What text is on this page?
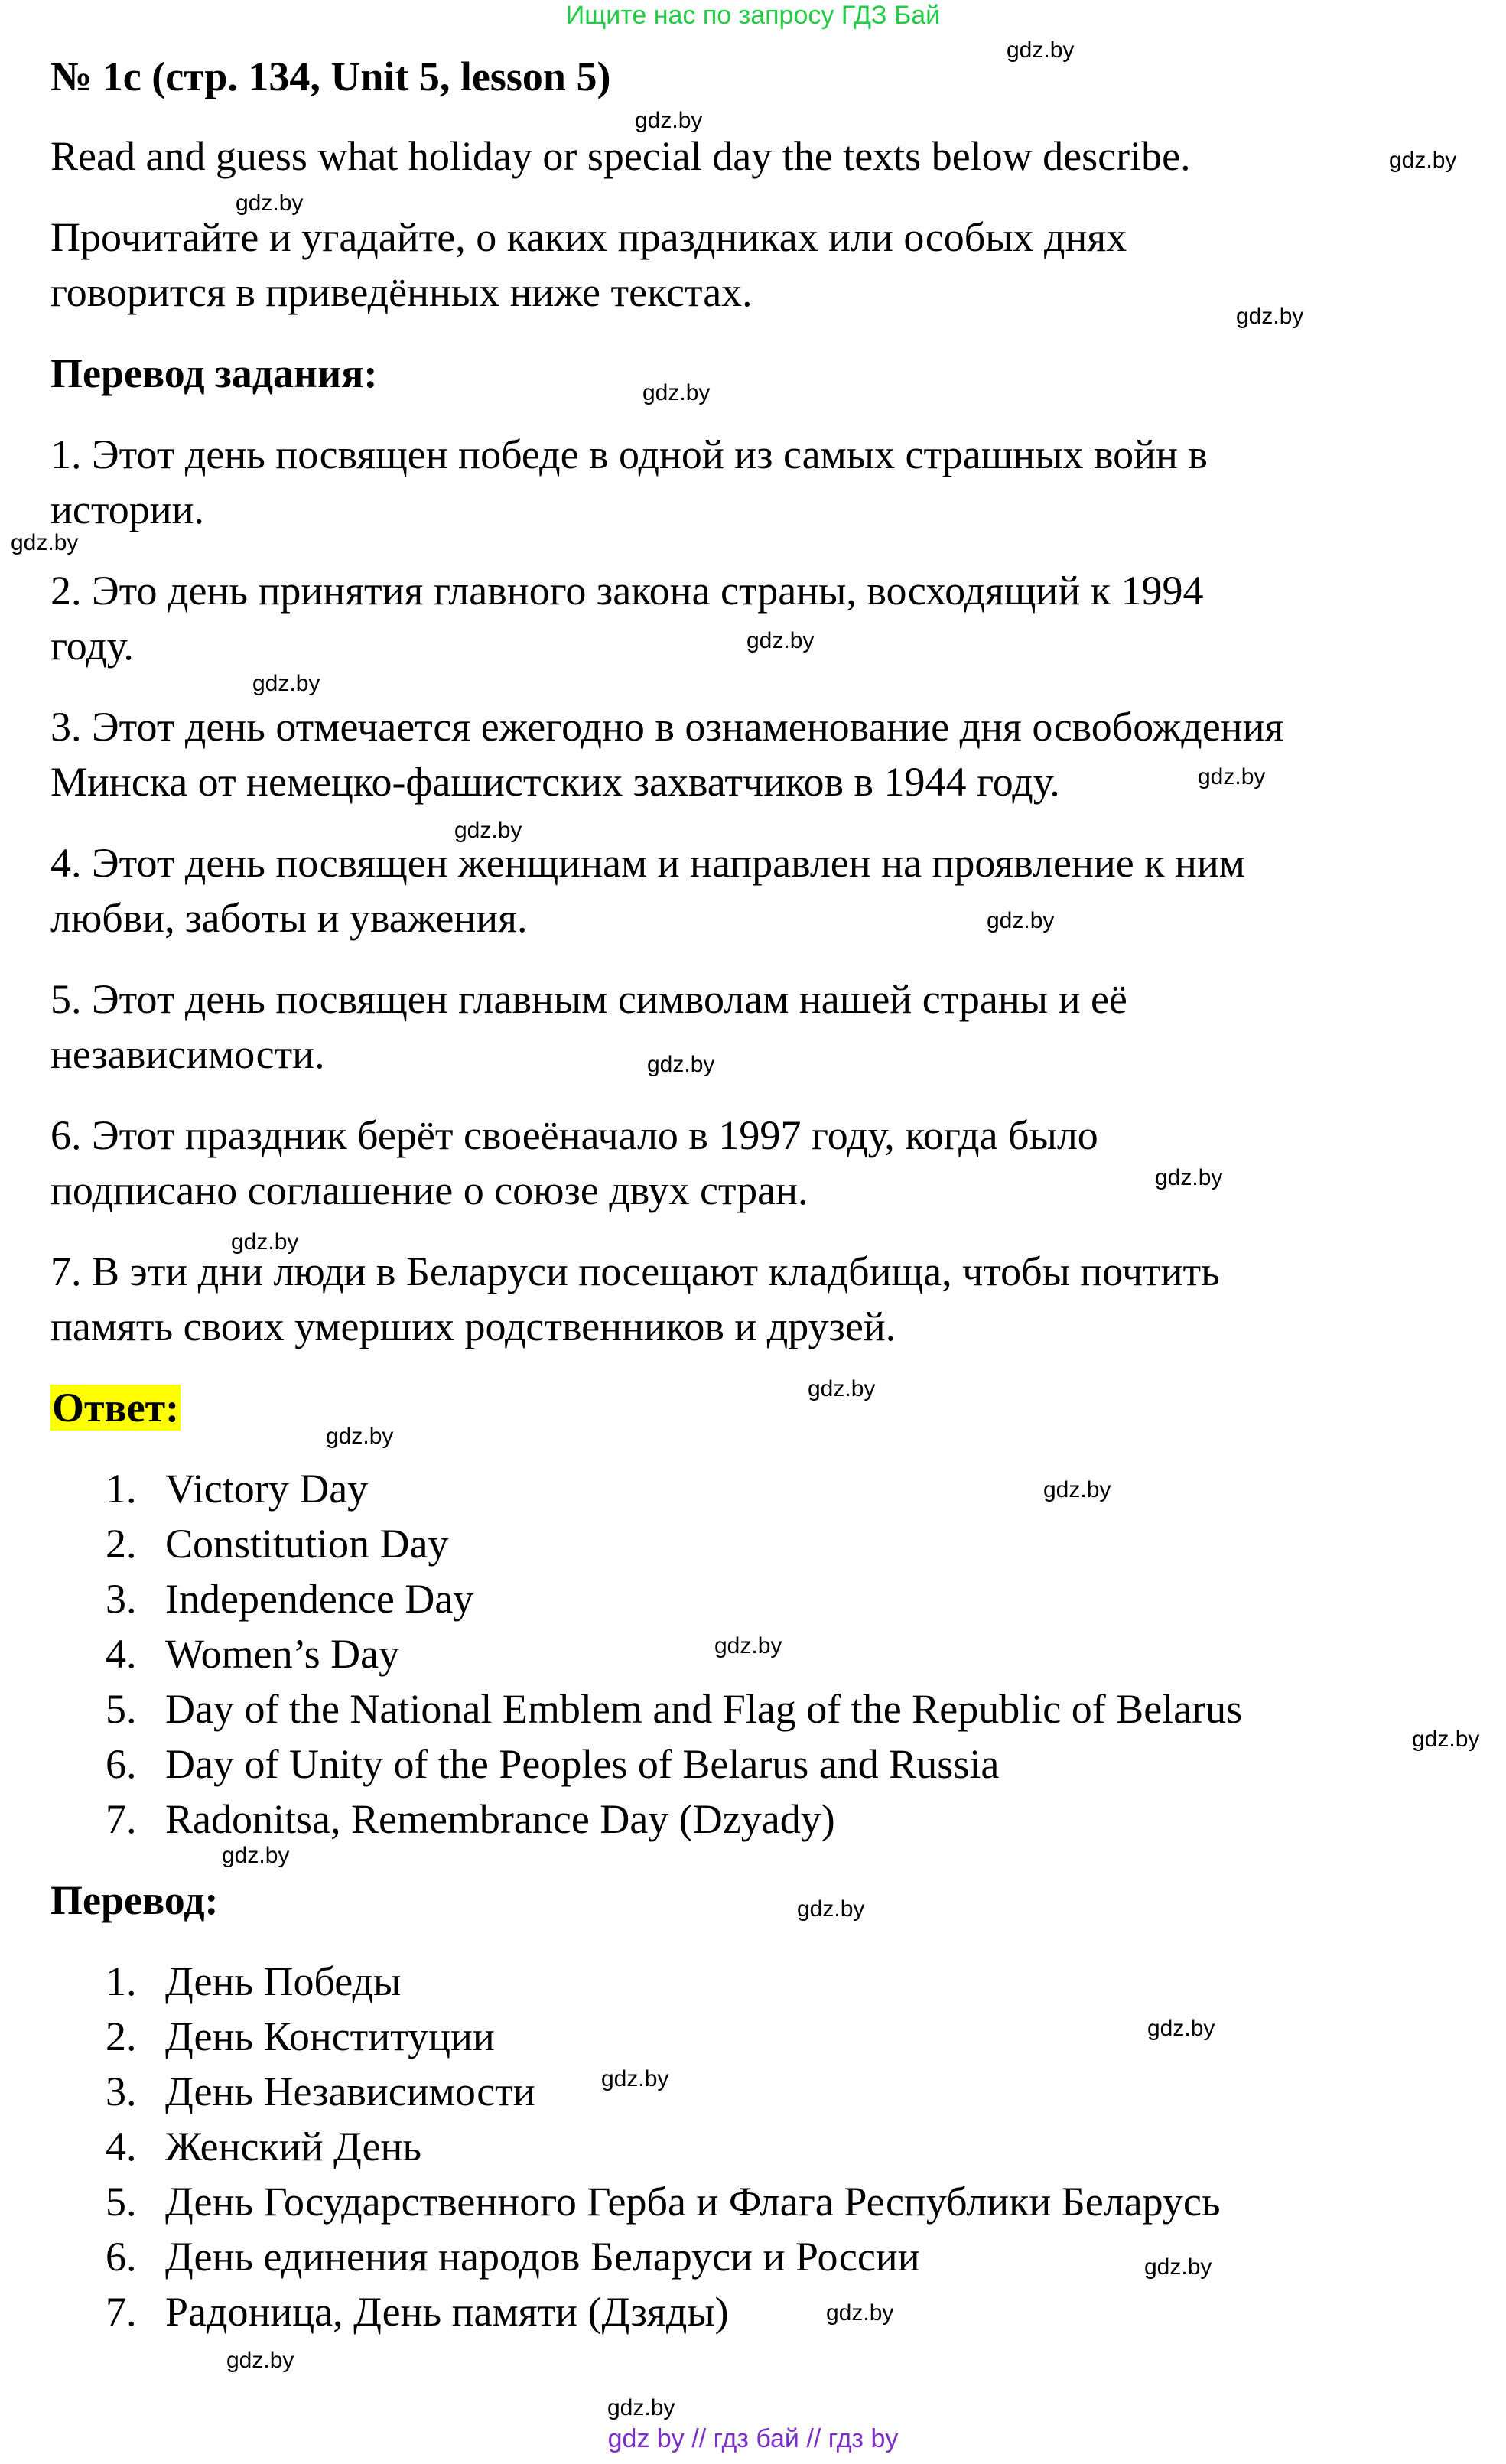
Ищите нас по запросу ГДЗ Бай
№ 1с (стр. 134, Unit 5, lesson 5)
Read and guess what holiday or special day the texts below describe.
Прочитайте и угадайте, о каких праздниках или особых днях
говорится в приведённых ниже текстах.
Перевод задания:
1. Этот день посвящен победе в одной из самых страшных войн в
истории.
2. Это день принятия главного закона страны, восходящий к 1994
году.
3. Этот день отмечается ежегодно в ознаменование дня освобождения
Минска от немецко-фашистских захватчиков в 1944 году.
4. Этот день посвящен женщинам и направлен на проявление к ним
любви, заботы и уважения.
5. Этот день посвящен главным символам нашей страны и её
независимости.
6. Этот праздник берёт своеёначало в 1997 году, когда было
подписано соглашение о союзе двух стран.
7. В эти дни люди в Беларуси посещают кладбища, чтобы почтить
память своих умерших родственников и друзей.
Ответ:
1. Victory Day
2. Constitution Day
3. Independence Day
4. Women’s Day
5. Day of the National Emblem and Flag of the Republic of Belarus
6. Day of Unity of the Peoples of Belarus and Russia
7. Radonitsa, Remembrance Day (Dzyady)
Перевод:
1. День Победы
2. День Конституции
3. День Независимости
4. Женский День
5. День Государственного Герба и Флага Республики Беларусь
6. День единения народов Беларуси и России
7. Радоница, День памяти (Дзяды)
gdz.by
gdz.by
gdz.by
gdz.by
gdz.by
gdz.by
gdz.by
gdz.by
gdz.by
gdz.by
gdz.by
gdz.by
gdz.by
gdz.by
gdz.by
gdz.by
gdz.by
gdz.by
gdz.by
gdz.by
gdz.by
gdz.by
gdz.by
gdz.by
gdz.by
gdz.by
gdz.by
gdz.by
gdz by // гдз бай // гдз by
